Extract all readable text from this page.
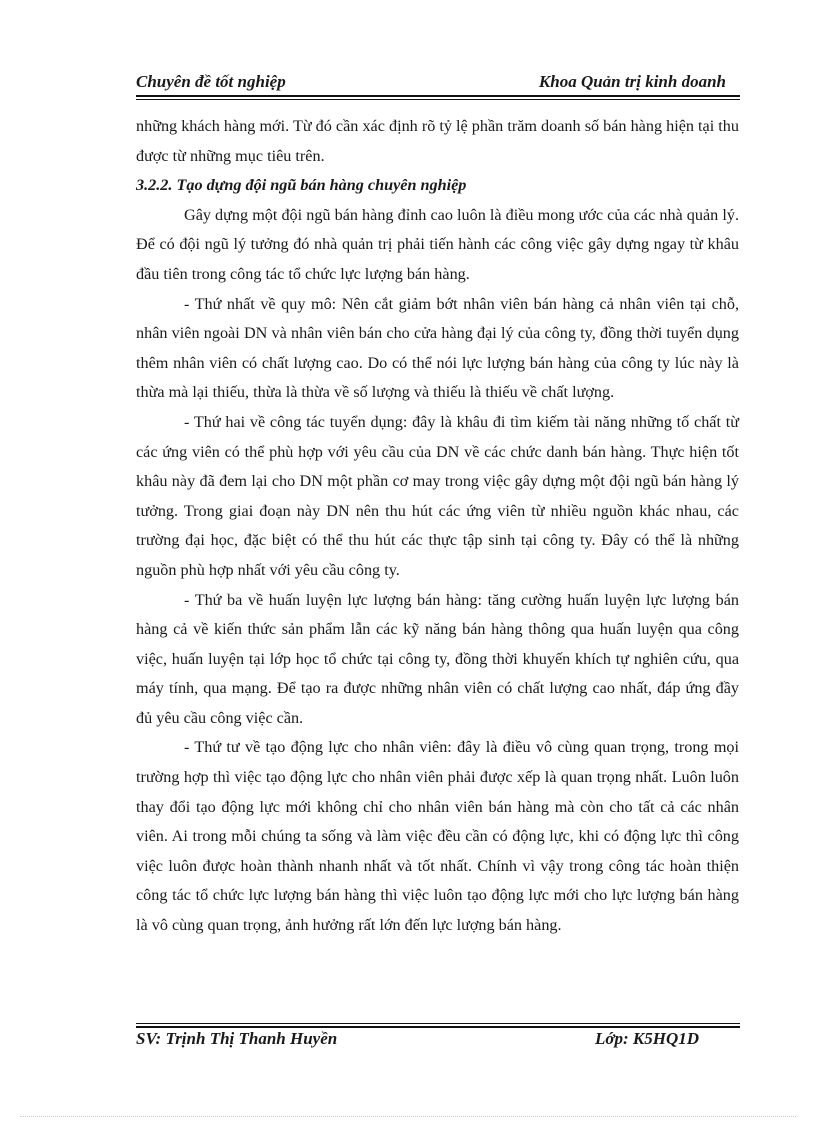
Chuyên đề tốt nghiệp	Khoa Quản trị kinh doanh

những khách hàng mới. Từ đó cần xác định rõ tỷ lệ phần trăm doanh số bán hàng hiện tại thu được từ những mục tiêu trên.

3.2.2. Tạo dựng đội ngũ bán hàng chuyên nghiệp

Gây dựng một đội ngũ bán hàng đỉnh cao luôn là điều mong ước của các nhà quản lý. Để có đội ngũ lý tưởng đó nhà quản trị phải tiến hành các công việc gây dựng ngay từ khâu đầu tiên trong công tác tổ chức lực lượng bán hàng.

- Thứ nhất về quy mô: Nên cắt giảm bớt nhân viên bán hàng cả nhân viên tại chỗ, nhân viên ngoài DN và nhân viên bán cho cửa hàng đại lý của công ty, đồng thời tuyển dụng thêm nhân viên có chất lượng cao. Do có thể nói lực lượng bán hàng của công ty lúc này là thừa mà lại thiếu, thừa là thừa về số lượng và thiếu là thiếu về chất lượng.

- Thứ hai về công tác tuyển dụng: đây là khâu đi tìm kiếm tài năng những tố chất từ các ứng viên có thể phù hợp với yêu cầu của DN về các chức danh bán hàng. Thực hiện tốt khâu này đã đem lại cho DN một phần cơ may trong việc gây dựng một đội ngũ bán hàng lý tưởng. Trong giai đoạn này DN nên thu hút các ứng viên từ nhiều nguồn khác nhau, các trường đại học, đặc biệt có thể thu hút các thực tập sinh tại công ty. Đây có thể là những nguồn phù hợp nhất với yêu cầu công ty.

- Thứ ba về huấn luyện lực lượng bán hàng: tăng cường huấn luyện lực lượng bán hàng cả về kiến thức sản phẩm lẫn các kỹ năng bán hàng thông qua huấn luyện qua công việc, huấn luyện tại lớp học tổ chức tại công ty, đồng thời khuyến khích tự nghiên cứu, qua máy tính, qua mạng. Để tạo ra được những nhân viên có chất lượng cao nhất, đáp ứng đầy đủ yêu cầu công việc cần.

- Thứ tư về tạo động lực cho nhân viên: đây là điều vô cùng quan trọng, trong mọi trường hợp thì việc tạo động lực cho nhân viên phải được xếp là quan trọng nhất. Luôn luôn thay đổi tạo động lực mới không chỉ cho nhân viên bán hàng mà còn cho tất cả các nhân viên. Ai trong mỗi chúng ta sống và làm việc đều cần có động lực, khi có động lực thì công việc luôn được hoàn thành nhanh nhất và tốt nhất. Chính vì vậy trong công tác hoàn thiện công tác tổ chức lực lượng bán hàng thì việc luôn tạo động lực mới cho lực lượng bán hàng là vô cùng quan trọng, ảnh hưởng rất lớn đến lực lượng bán hàng.

SV: Trịnh Thị Thanh Huyền	Lớp: K5HQ1D
